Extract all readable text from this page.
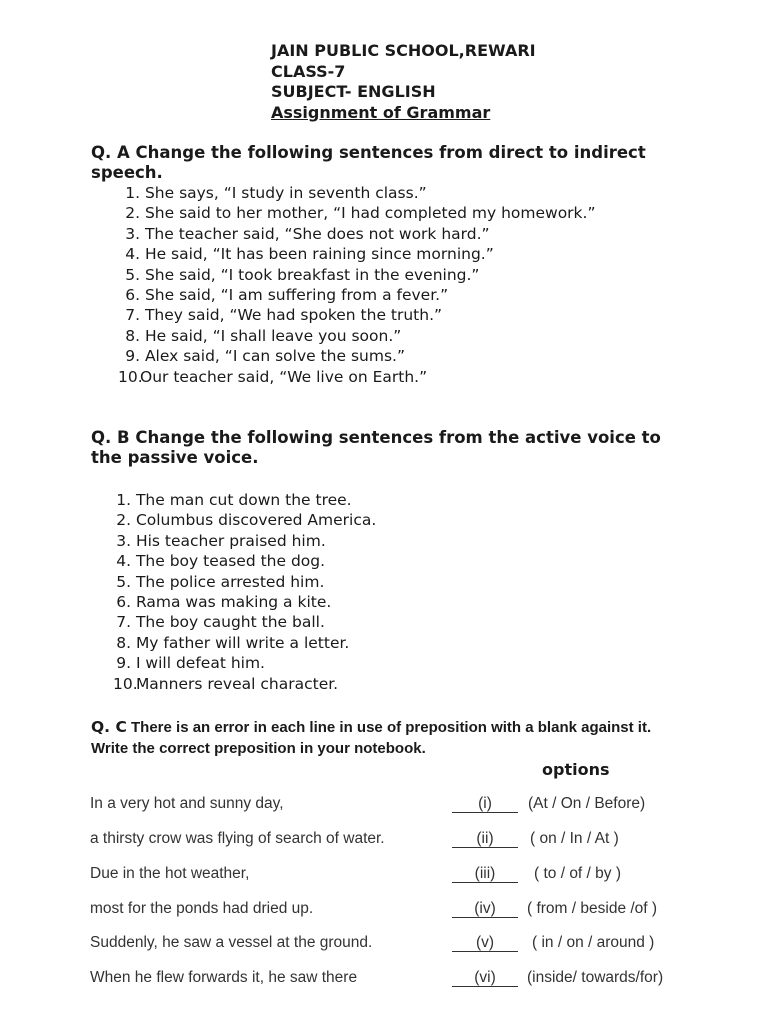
JAIN PUBLIC SCHOOL,REWARI
CLASS-7
SUBJECT- ENGLISH
Assignment of Grammar
Q. A Change the following sentences from direct to indirect
speech.
1. She says, “I study in seventh class.”
2. She said to her mother, “I had completed my homework.”
3. The teacher said, “She does not work hard.”
4. He said, “It has been raining since morning.”
5. She said, “I took breakfast in the evening.”
6. She said, “I am suffering from a fever.”
7. They said, “We had spoken the truth.”
8. He said, “I shall leave you soon.”
9. Alex said, “I can solve the sums.”
10.Our teacher said, “We live on Earth.”
Q. B Change the following sentences from the active voice to
the passive voice.
1. The man cut down the tree.
2. Columbus discovered America.
3. His teacher praised him.
4. The boy teased the dog.
5. The police arrested him.
6. Rama was making a kite.
7. The boy caught the ball.
8. My father will write a letter.
9. I will defeat him.
10. Manners reveal character.
Q. C There is an error in each line in use of preposition with a blank against it.
Write the correct preposition in your notebook.
options
In a very hot and sunny day,	(i)	(At / On / Before)
a thirsty crow was flying of search of water.	(ii)	( on / In / At )
Due in the hot weather,	(iii)	( to / of / by )
most for the ponds had dried up.	(iv)	( from / beside /of )
Suddenly, he saw a vessel at the ground.	(v)	( in / on / around )
When he flew forwards it, he saw there	(vi)	(inside/ towards/for)
